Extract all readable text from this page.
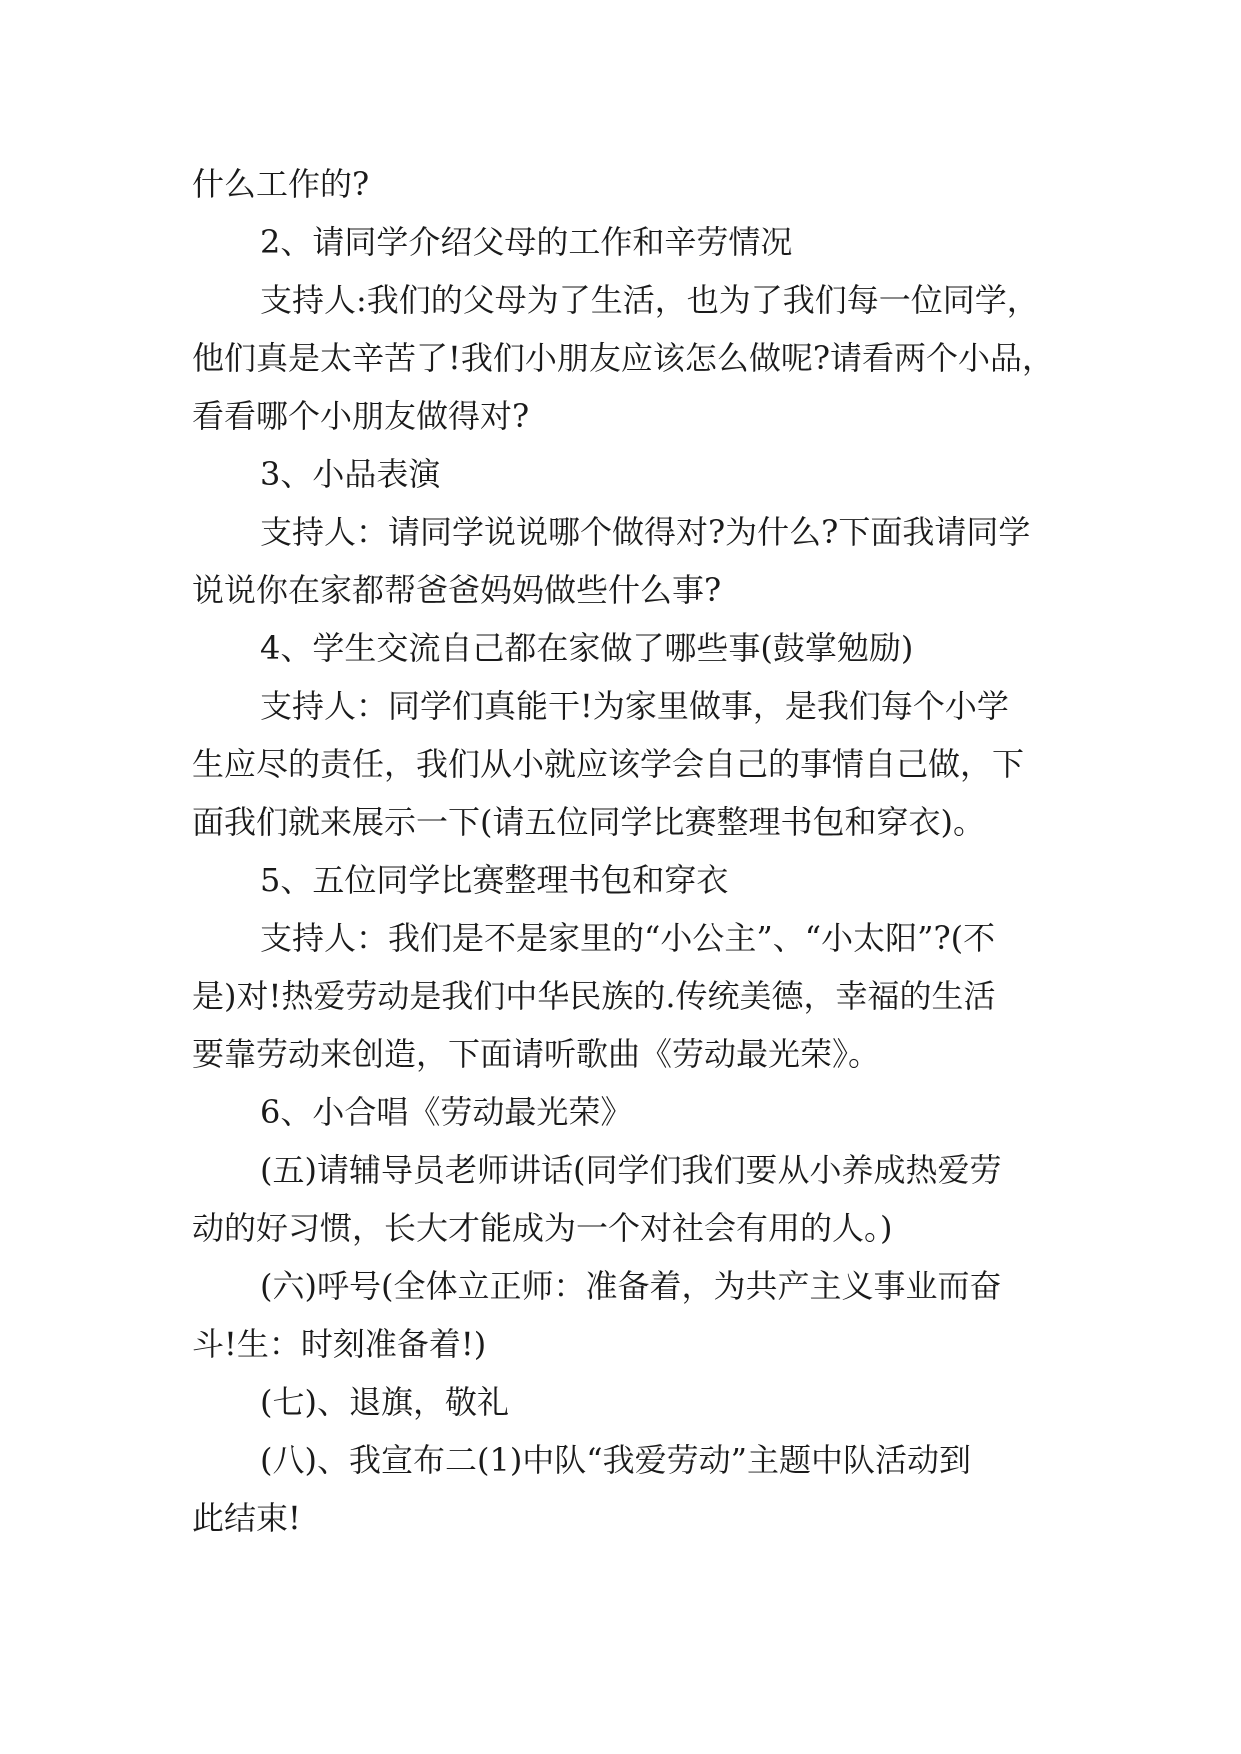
什么工作的?
2、请同学介绍父母的工作和辛劳情况
支持人:我们的父母为了生活，也为了我们每一位同学，
他们真是太辛苦了!我们小朋友应该怎么做呢?请看两个小品，
看看哪个小朋友做得对?
3、小品表演
支持人：请同学说说哪个做得对?为什么?下面我请同学
说说你在家都帮爸爸妈妈做些什么事?
4、学生交流自己都在家做了哪些事(鼓掌勉励)
支持人：同学们真能干!为家里做事，是我们每个小学
生应尽的责任，我们从小就应该学会自己的事情自己做，下
面我们就来展示一下(请五位同学比赛整理书包和穿衣)。
5、五位同学比赛整理书包和穿衣
支持人：我们是不是家里的“小公主”、“小太阳”?(不
是)对!热爱劳动是我们中华民族的.传统美德，幸福的生活
要靠劳动来创造，下面请听歌曲《劳动最光荣》。
6、小合唱《劳动最光荣》
(五)请辅导员老师讲话(同学们我们要从小养成热爱劳
动的好习惯，长大才能成为一个对社会有用的人。)
(六)呼号(全体立正师：准备着，为共产主义事业而奋
斗!生：时刻准备着!)
(七)、退旗，敬礼
(八)、我宣布二(1)中队“我爱劳动”主题中队活动到
此结束!
